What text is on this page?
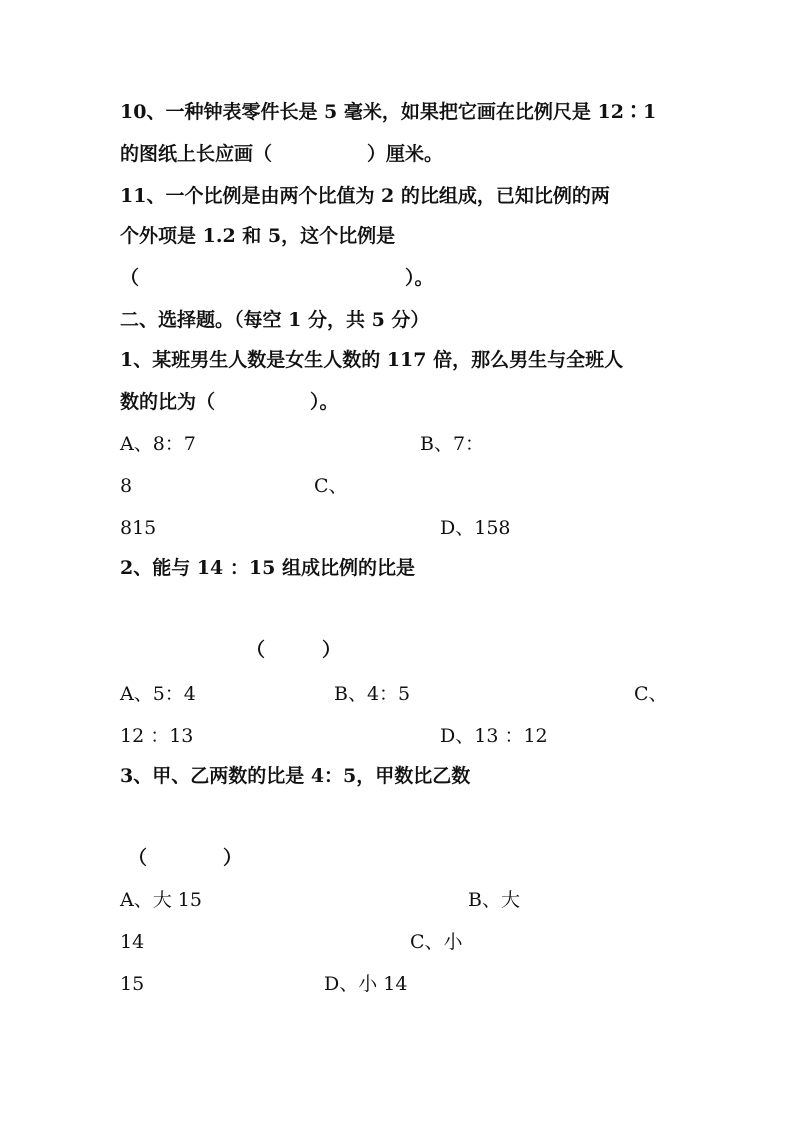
10、一种钟表零件长是 5 毫米，如果把它画在比例尺是 12∶1
的图纸上长应画（　　　　　）厘米。
11、一个比例是由两个比值为 2 的比组成，已知比例的两
个外项是 1.2 和 5，这个比例是
（　　　　　　　　　　　　　　）。
二、选择题。（每空 1 分，共 5 分）
1、某班男生人数是女生人数的 117 倍，那么男生与全班人
数的比为（　　　　　）。
A、8：7	B、7：
8	C、
815	D、158
2、能与 14 ：15 组成比例的比是
（　　　）
A、5：4	B、4：5	C、
12 ：13	D、13 ：12
3、甲、乙两数的比是 4：5，甲数比乙数
（　　　　）
A、大 15	B、大
14	C、小
15	D、小 14
